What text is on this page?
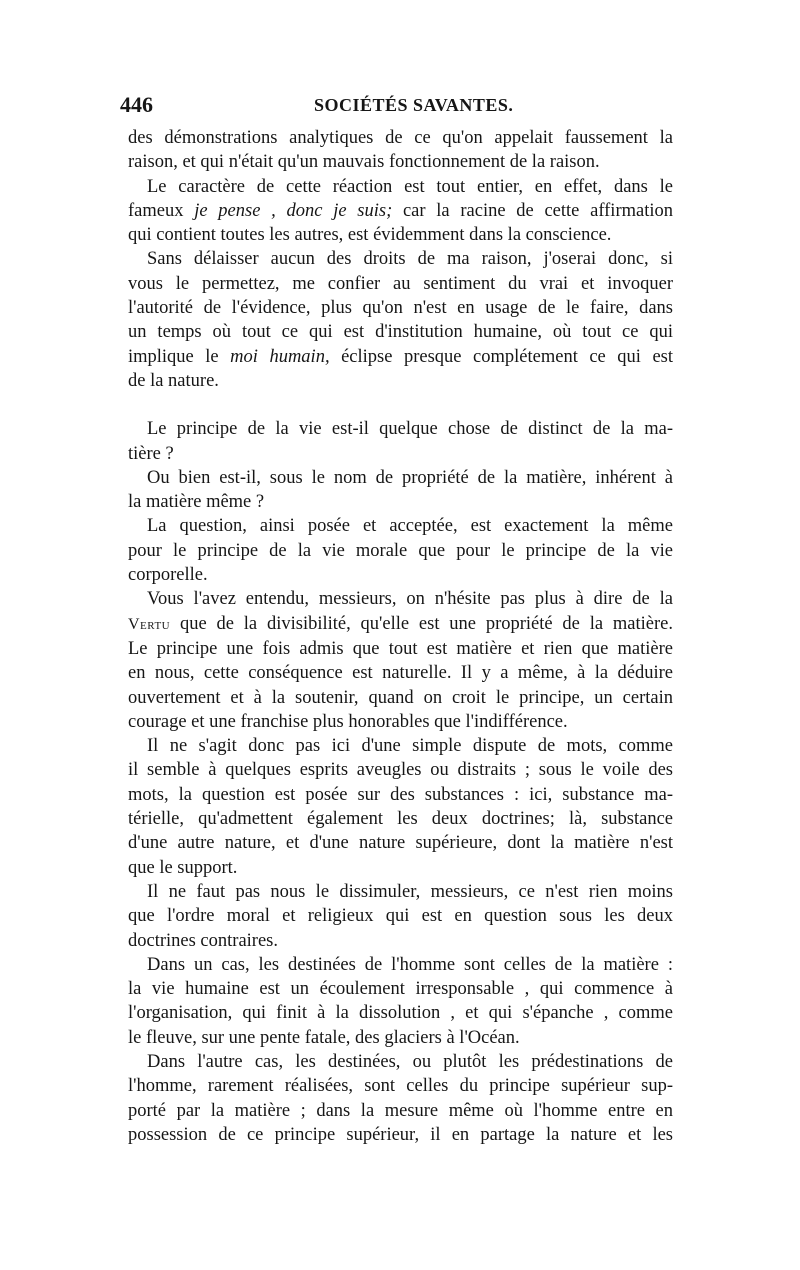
446	SOCIÉTÉS SAVANTES.
des démonstrations analytiques de ce qu'on appelait faussement la
raison, et qui n'était qu'un mauvais fonctionnement de la raison.
Le caractère de cette réaction est tout entier, en effet, dans le
fameux je pense , donc je suis; car la racine de cette affirmation
qui contient toutes les autres, est évidemment dans la conscience.
Sans délaisser aucun des droits de ma raison, j'oserai donc, si
vous le permettez, me confier au sentiment du vrai et invoquer
l'autorité de l'évidence, plus qu'on n'est en usage de le faire, dans
un temps où tout ce qui est d'institution humaine, où tout ce qui
implique le moi humain, éclipse presque complétement ce qui est
de la nature.
Le principe de la vie est-il quelque chose de distinct de la ma-
tière ?
Ou bien est-il, sous le nom de propriété de la matière, inhérent à
la matière même ?
La question, ainsi posée et acceptée, est exactement la même
pour le principe de la vie morale que pour le principe de la vie
corporelle.
Vous l'avez entendu, messieurs, on n'hésite pas plus à dire de la
Vertu que de la divisibilité, qu'elle est une propriété de la matière.
Le principe une fois admis que tout est matière et rien que matière
en nous, cette conséquence est naturelle. Il y a même, à la déduire
ouvertement et à la soutenir, quand on croit le principe, un certain
courage et une franchise plus honorables que l'indifférence.
Il ne s'agit donc pas ici d'une simple dispute de mots, comme
il semble à quelques esprits aveugles ou distraits ; sous le voile des
mots, la question est posée sur des substances : ici, substance ma-
térielle, qu'admettent également les deux doctrines; là, substance
d'une autre nature, et d'une nature supérieure, dont la matière n'est
que le support.
Il ne faut pas nous le dissimuler, messieurs, ce n'est rien moins
que l'ordre moral et religieux qui est en question sous les deux
doctrines contraires.
Dans un cas, les destinées de l'homme sont celles de la matière :
la vie humaine est un écoulement irresponsable , qui commence à
l'organisation, qui finit à la dissolution , et qui s'épanche , comme
le fleuve, sur une pente fatale, des glaciers à l'Océan.
Dans l'autre cas, les destinées, ou plutôt les prédestinations de
l'homme, rarement réalisées, sont celles du principe supérieur sup-
porté par la matière ; dans la mesure même où l'homme entre en
possession de ce principe supérieur, il en partage la nature et les
